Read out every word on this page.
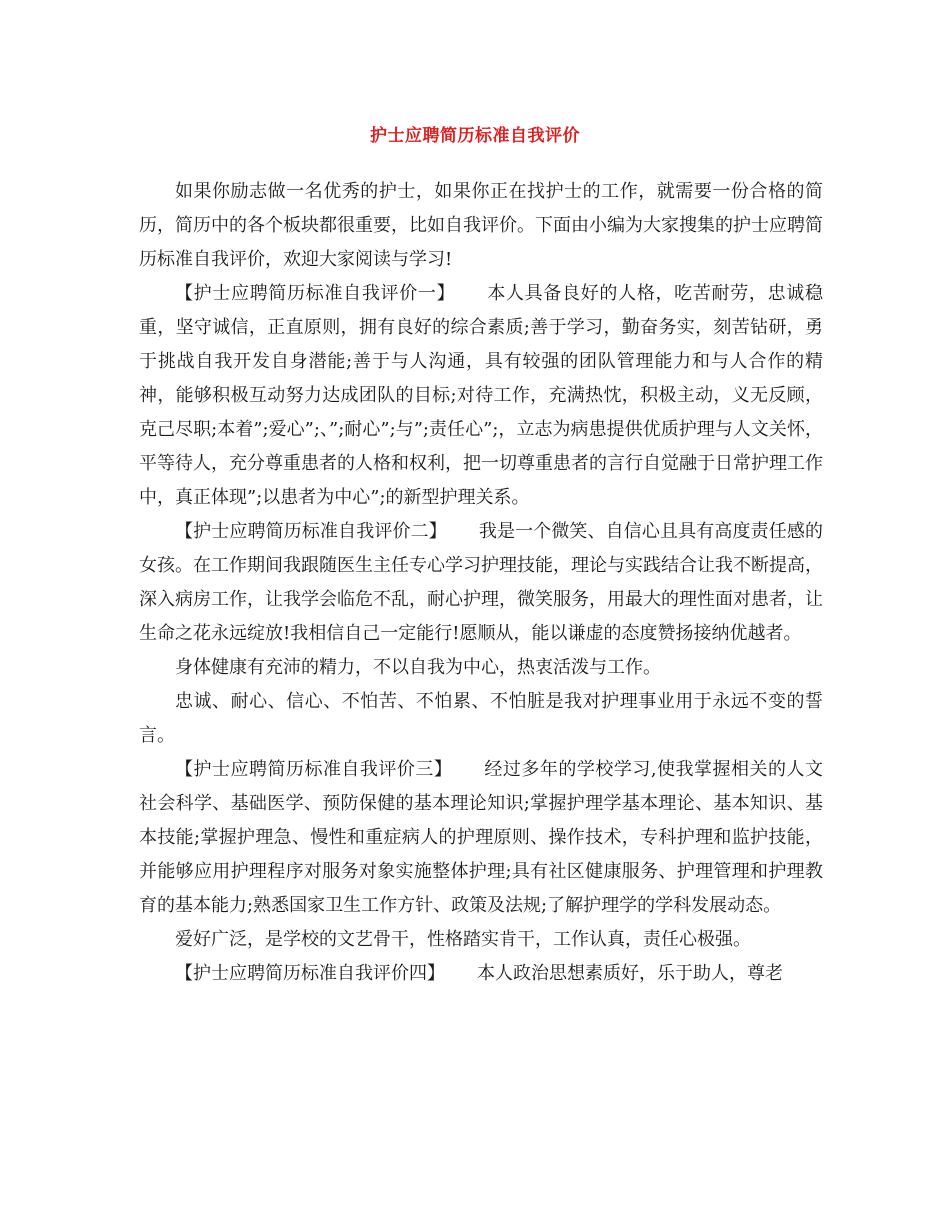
护士应聘简历标准自我评价

如果你励志做一名优秀的护士，如果你正在找护士的工作，就需要一份合格的简历，简历中的各个板块都很重要，比如自我评价。下面由小编为大家搜集的护士应聘简历标准自我评价，欢迎大家阅读与学习!

【护士应聘简历标准自我评价一】 本人具备良好的人格，吃苦耐劳，忠诚稳重，坚守诚信，正直原则，拥有良好的综合素质;善于学习，勤奋务实，刻苦钻研，勇于挑战自我开发自身潜能;善于与人沟通，具有较强的团队管理能力和与人合作的精神，能够积极互动努力达成团队的目标;对待工作，充满热忱，积极主动，义无反顾，克己尽职;本着”;爱心”;、”;耐心”;与”;责任心”;，立志为病患提供优质护理与人文关怀，平等待人，充分尊重患者的人格和权利，把一切尊重患者的言行自觉融于日常护理工作中，真正体现”;以患者为中心”;的新型护理关系。

【护士应聘简历标准自我评价二】 我是一个微笑、自信心且具有高度责任感的女孩。在工作期间我跟随医生主任专心学习护理技能，理论与实践结合让我不断提高，深入病房工作，让我学会临危不乱，耐心护理，微笑服务，用最大的理性面对患者，让生命之花永远绽放!我相信自己一定能行!愿顺从，能以谦虚的态度赞扬接纳优越者。

身体健康有充沛的精力，不以自我为中心，热衷活泼与工作。

忠诚、耐心、信心、不怕苦、不怕累、不怕脏是我对护理事业用于永远不变的誓言。

【护士应聘简历标准自我评价三】 经过多年的学校学习,使我掌握相关的人文社会科学、基础医学、预防保健的基本理论知识;掌握护理学基本理论、基本知识、基本技能;掌握护理急、慢性和重症病人的护理原则、操作技术，专科护理和监护技能，并能够应用护理程序对服务对象实施整体护理;具有社区健康服务、护理管理和护理教育的基本能力;熟悉国家卫生工作方针、政策及法规;了解护理学的学科发展动态。

爱好广泛，是学校的文艺骨干，性格踏实肯干，工作认真，责任心极强。

【护士应聘简历标准自我评价四】 本人政治思想素质好，乐于助人，尊老
